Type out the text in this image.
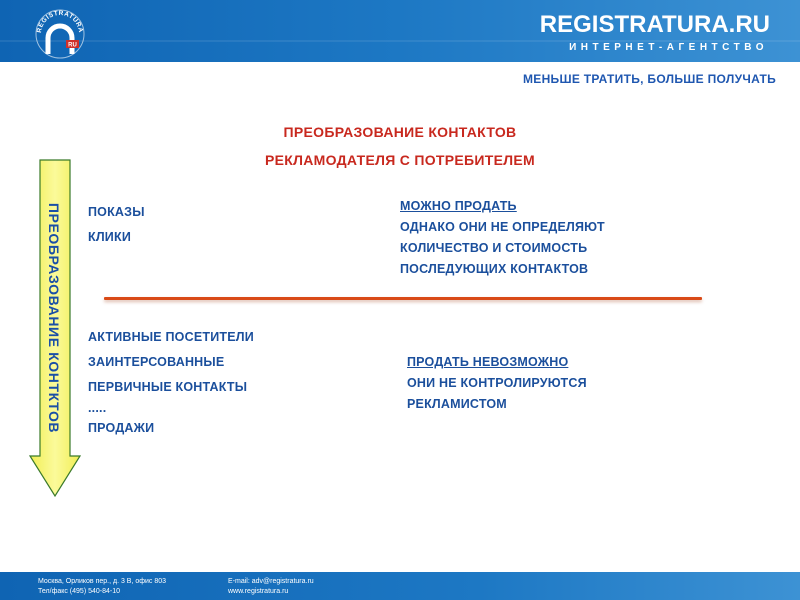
REGISTRATURA
RU
REGISTRATURA.RU
ИНТЕРНЕТ-АГЕНТСТВО
МЕНЬШЕ ТРАТИТЬ, БОЛЬШЕ ПОЛУЧАТЬ
ПРЕОБРАЗОВАНИЕ КОНТАКТОВ
РЕКЛАМОДАТЕЛЯ С ПОТРЕБИТЕЛЕМ
ПРЕОБРАЗОВАНИЕ КОНТКТОВ ПОКАЗЫ
КЛИКИ
МОЖНО ПРОДАТЬ
ОДНАКО ОНИ НЕ ОПРЕДЕЛЯЮТ
КОЛИЧЕСТВО И СТОИМОСТЬ
ПОСЛЕДУЮЩИХ КОНТАКТОВ
АКТИВНЫЕ ПОСЕТИТЕЛИ
ЗАИНТЕРСОВАННЫЕ
ПЕРВИЧНЫЕ КОНТАКТЫ
.....
ПРОДАЖИ
ПРОДАТЬ НЕВОЗМОЖНО
ОНИ НЕ КОНТРОЛИРУЮТСЯ
РЕКЛАМИСТОМ
Москва, Орликов пер., д. 3 В, офис 803
Тел/факс (495) 540-84-10
E-mail: adv@registratura.ru
www.registratura.ru
